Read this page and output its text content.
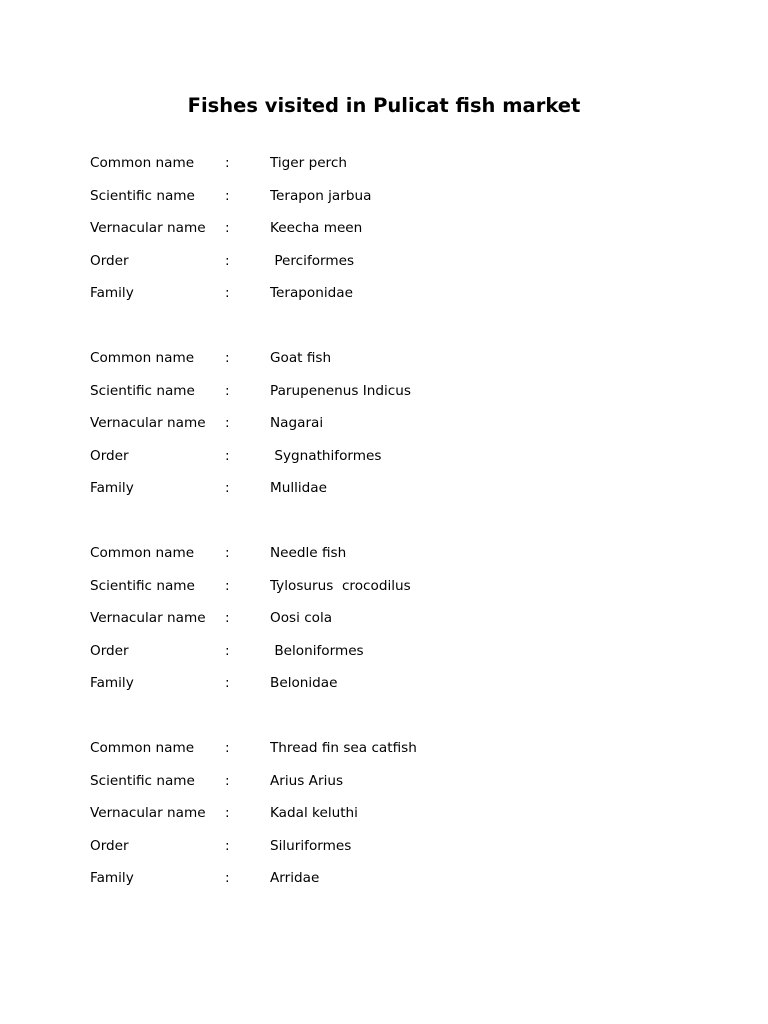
Fishes visited in Pulicat fish market
Common name :	Tiger perch
Scientific name :	Terapon jarbua
Vernacular name :	Keecha meen
Order	:	Perciformes
Family	:	Teraponidae
Common name :	Goat fish
Scientific name :	Parupenenus Indicus
Vernacular name :	Nagarai
Order	:	Sygnathiformes
Family	:	Mullidae
Common name :	Needle fish
Scientific name :	Tylosurus  crocodilus
Vernacular name :	Oosi cola
Order	:	Beloniformes
Family	:	Belonidae
Common name :	Thread fin sea catfish
Scientific name :	Arius Arius
Vernacular name :	Kadal keluthi
Order	:	Siluriformes
Family	:	Arridae
